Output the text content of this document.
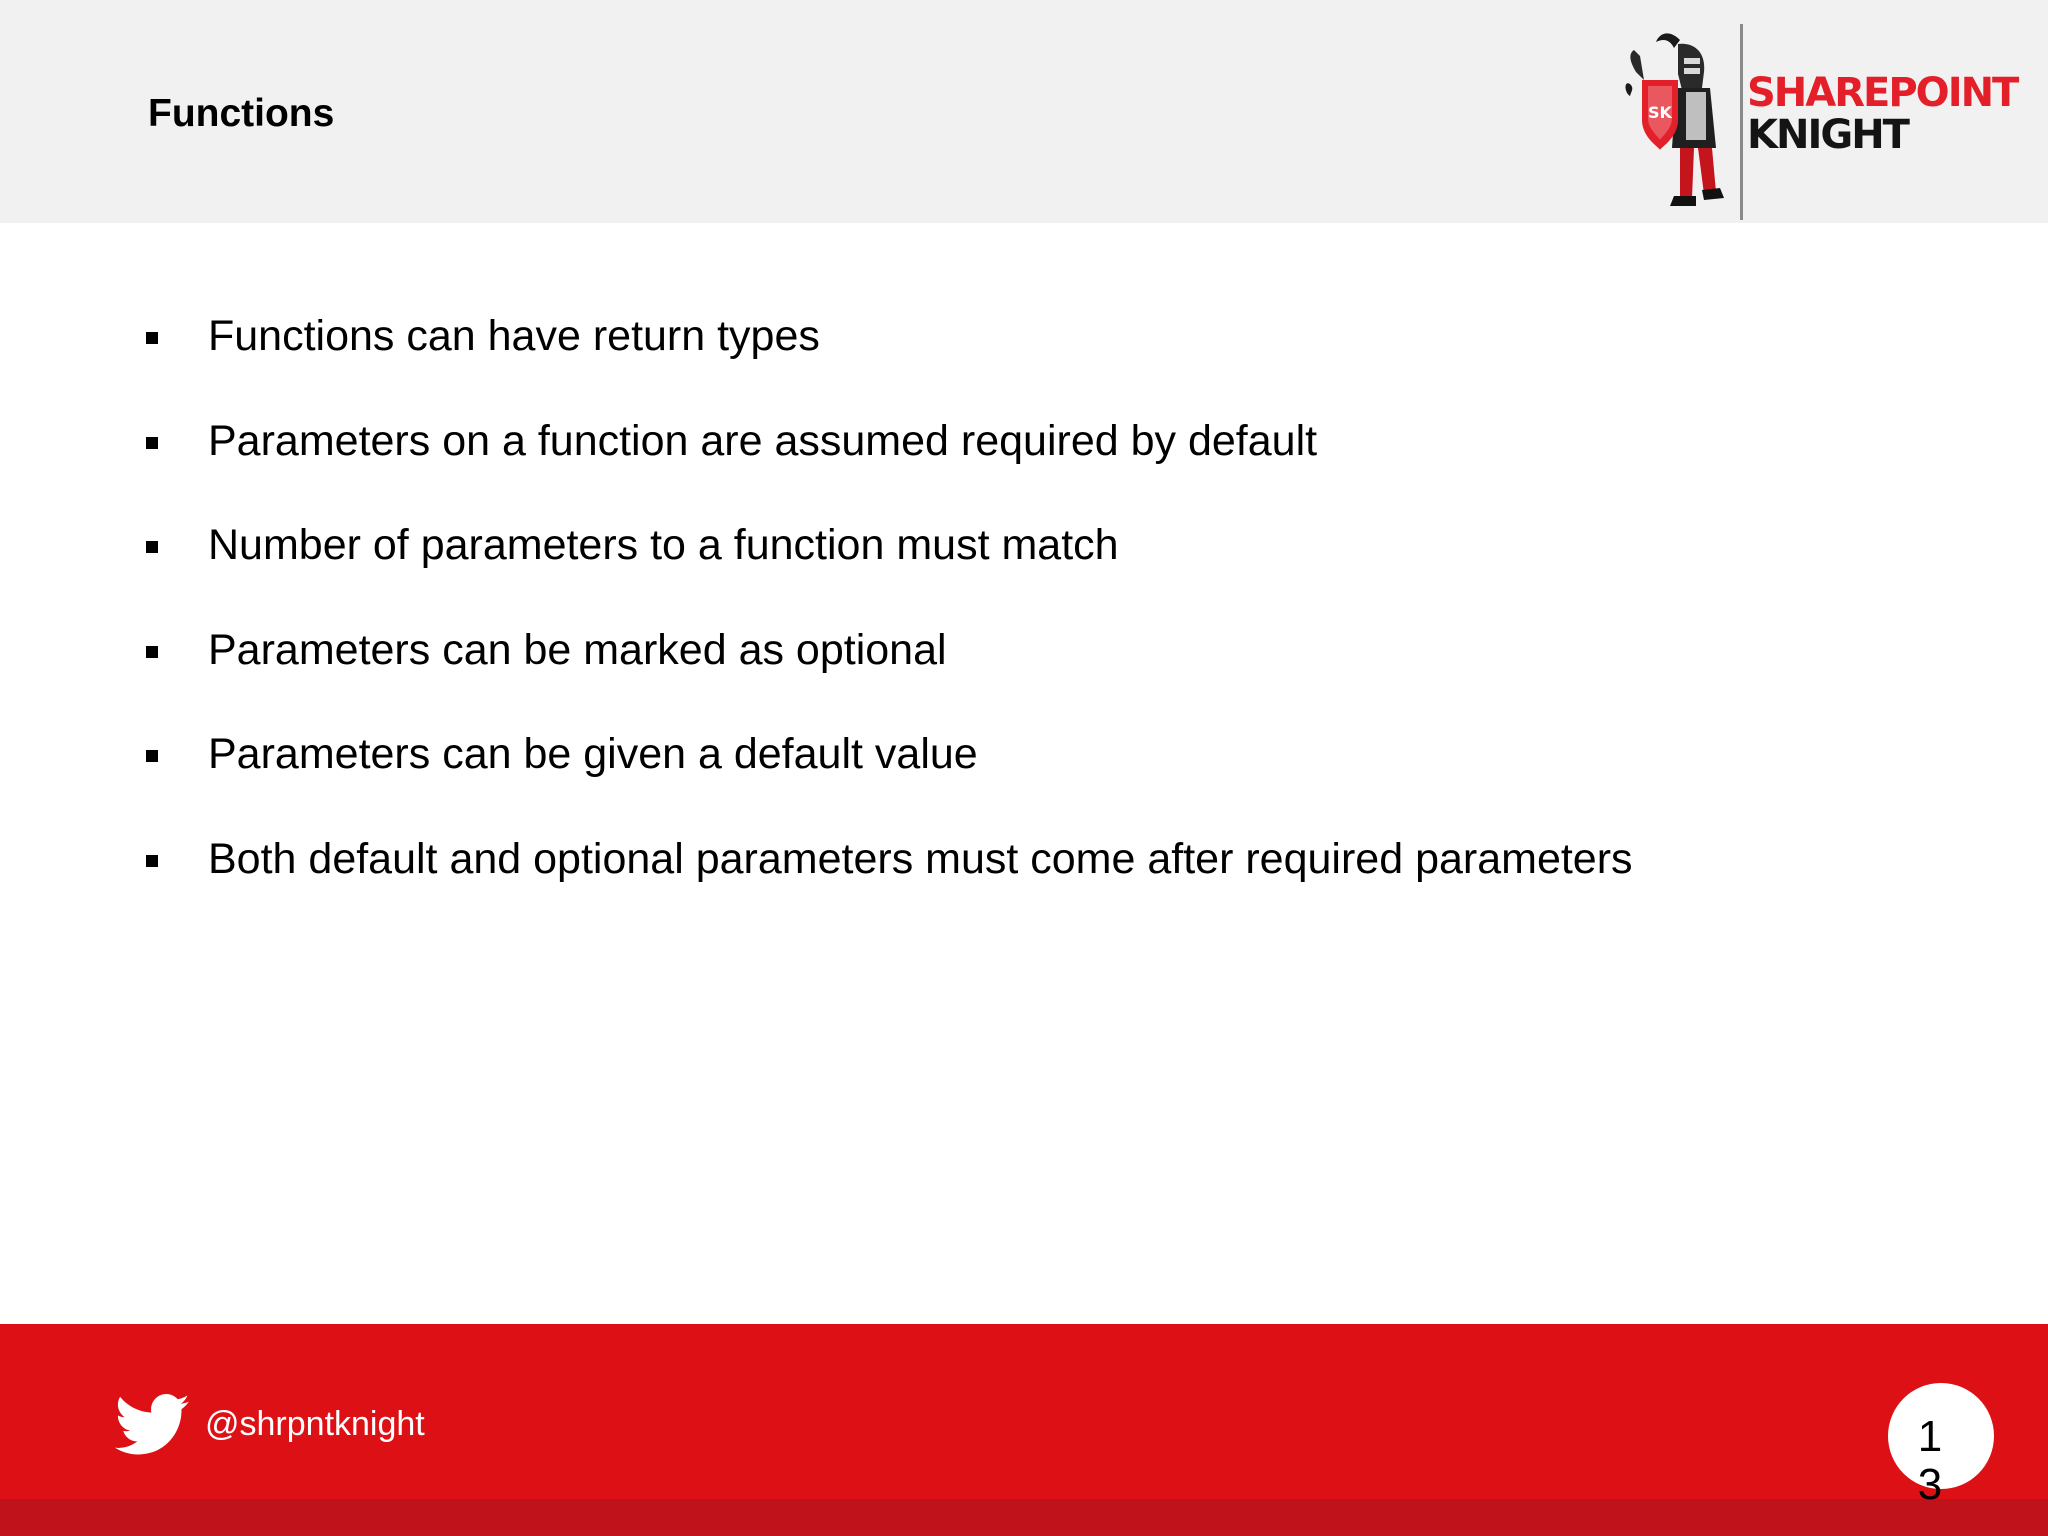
Functions	SK SHAREPOINT
KNIGHT
Functions can have return types
Parameters on a function are assumed required by default
Number of parameters to a function must match
Parameters can be marked as optional
Parameters can be given a default value
Both default and optional parameters must come after required parameters
@shrpntknight	13
